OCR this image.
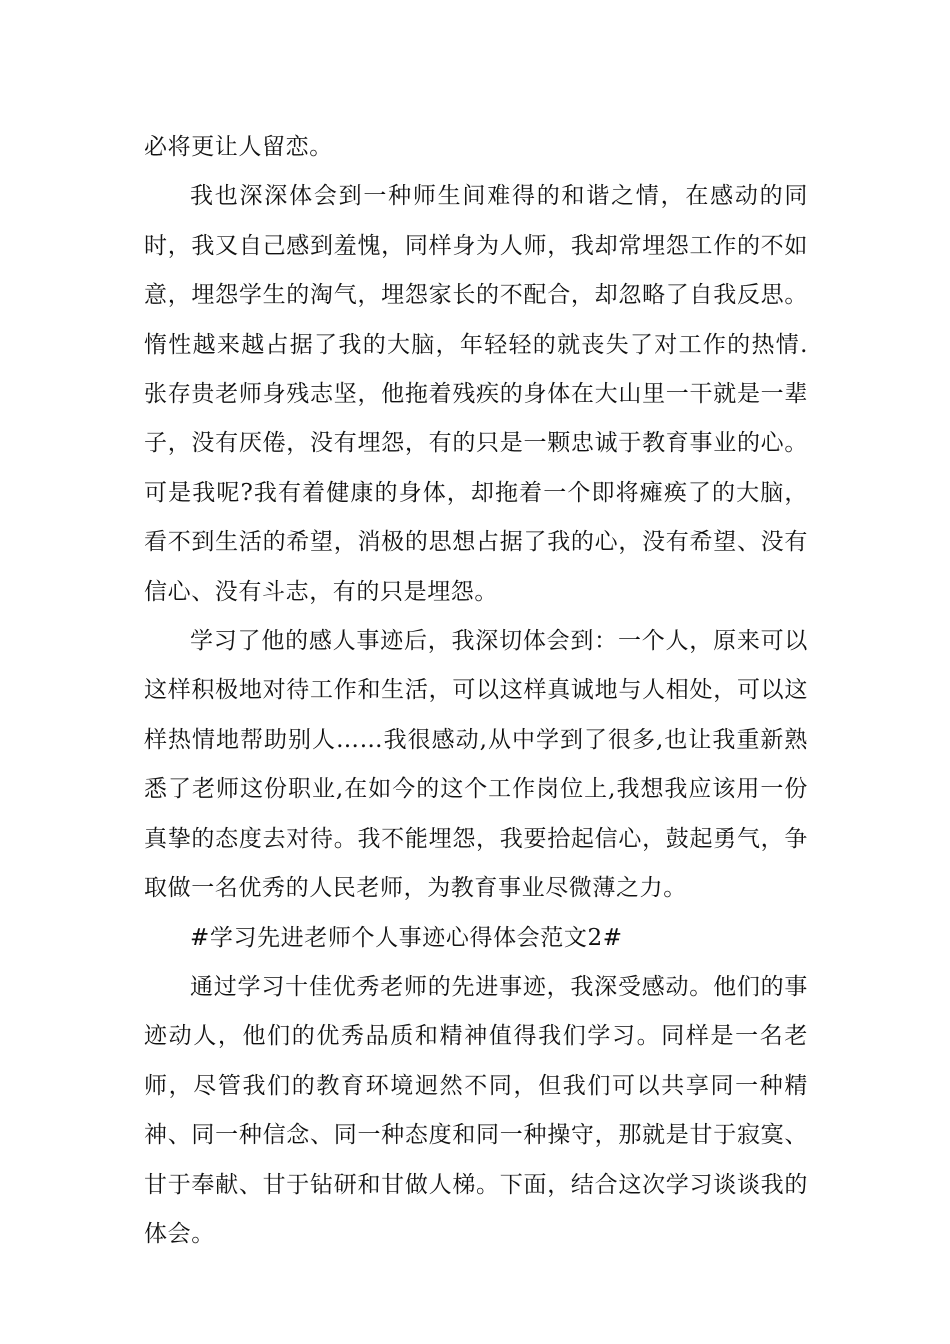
必将更让人留恋。

我也深深体会到一种师生间难得的和谐之情，在感动的同时，我又自己感到羞愧，同样身为人师，我却常埋怨工作的不如意，埋怨学生的淘气，埋怨家长的不配合，却忽略了自我反思。惰性越来越占据了我的大脑，年轻轻的就丧失了对工作的热情.张存贵老师身残志坚，他拖着残疾的身体在大山里一干就是一辈子，没有厌倦，没有埋怨，有的只是一颗忠诚于教育事业的心。可是我呢?我有着健康的身体，却拖着一个即将瘫痪了的大脑，看不到生活的希望，消极的思想占据了我的心，没有希望、没有信心、没有斗志，有的只是埋怨。

学习了他的感人事迹后，我深切体会到：一个人，原来可以这样积极地对待工作和生活，可以这样真诚地与人相处，可以这样热情地帮助别人……我很感动,从中学到了很多,也让我重新熟悉了老师这份职业,在如今的这个工作岗位上,我想我应该用一份真挚的态度去对待。我不能埋怨，我要拾起信心，鼓起勇气，争取做一名优秀的人民老师，为教育事业尽微薄之力。

#学习先进老师个人事迹心得体会范文2#

通过学习十佳优秀老师的先进事迹，我深受感动。他们的事迹动人，他们的优秀品质和精神值得我们学习。同样是一名老师，尽管我们的教育环境迥然不同，但我们可以共享同一种精神、同一种信念、同一种态度和同一种操守，那就是甘于寂寞、甘于奉献、甘于钻研和甘做人梯。下面，结合这次学习谈谈我的体会。
